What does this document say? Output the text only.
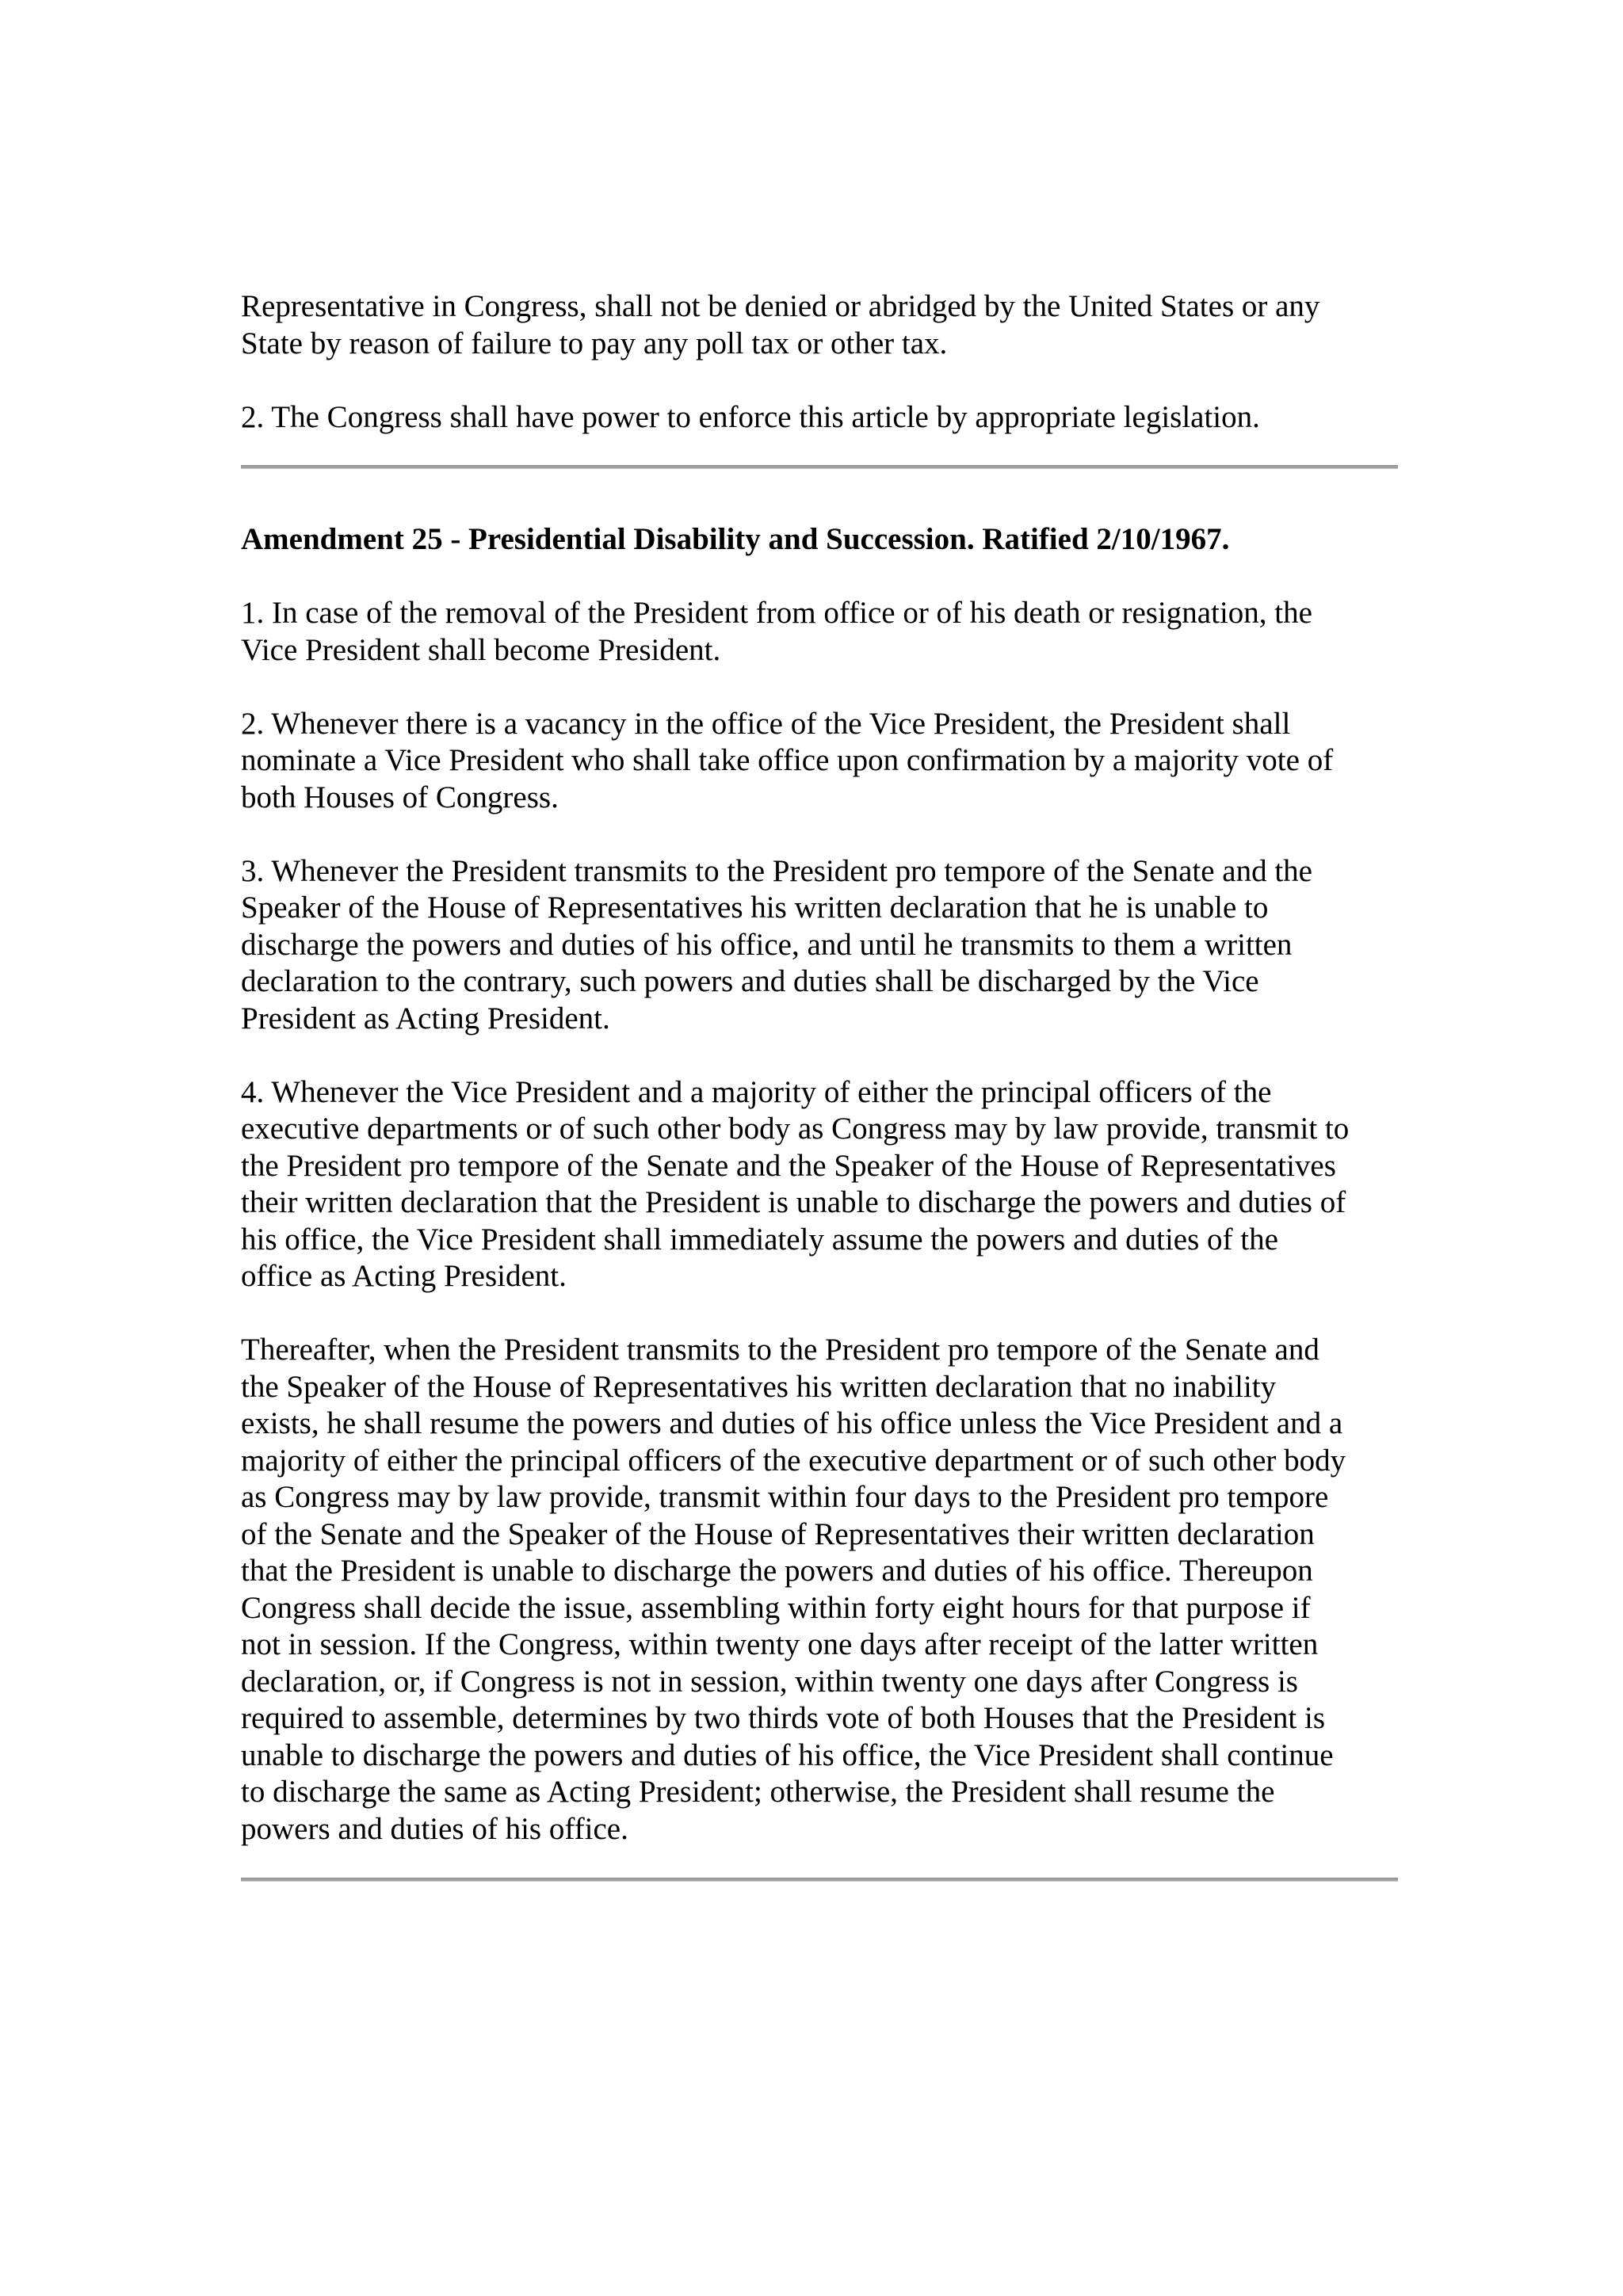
Representative in Congress, shall not be denied or abridged by the United States or any
State by reason of failure to pay any poll tax or other tax.

2. The Congress shall have power to enforce this article by appropriate legislation.

Amendment 25 - Presidential Disability and Succession. Ratified 2/10/1967.

1. In case of the removal of the President from office or of his death or resignation, the
Vice President shall become President.

2. Whenever there is a vacancy in the office of the Vice President, the President shall
nominate a Vice President who shall take office upon confirmation by a majority vote of
both Houses of Congress.

3. Whenever the President transmits to the President pro tempore of the Senate and the
Speaker of the House of Representatives his written declaration that he is unable to
discharge the powers and duties of his office, and until he transmits to them a written
declaration to the contrary, such powers and duties shall be discharged by the Vice
President as Acting President.

4. Whenever the Vice President and a majority of either the principal officers of the
executive departments or of such other body as Congress may by law provide, transmit to
the President pro tempore of the Senate and the Speaker of the House of Representatives
their written declaration that the President is unable to discharge the powers and duties of
his office, the Vice President shall immediately assume the powers and duties of the
office as Acting President.

Thereafter, when the President transmits to the President pro tempore of the Senate and
the Speaker of the House of Representatives his written declaration that no inability
exists, he shall resume the powers and duties of his office unless the Vice President and a
majority of either the principal officers of the executive department or of such other body
as Congress may by law provide, transmit within four days to the President pro tempore
of the Senate and the Speaker of the House of Representatives their written declaration
that the President is unable to discharge the powers and duties of his office. Thereupon
Congress shall decide the issue, assembling within forty eight hours for that purpose if
not in session. If the Congress, within twenty one days after receipt of the latter written
declaration, or, if Congress is not in session, within twenty one days after Congress is
required to assemble, determines by two thirds vote of both Houses that the President is
unable to discharge the powers and duties of his office, the Vice President shall continue
to discharge the same as Acting President; otherwise, the President shall resume the
powers and duties of his office.
